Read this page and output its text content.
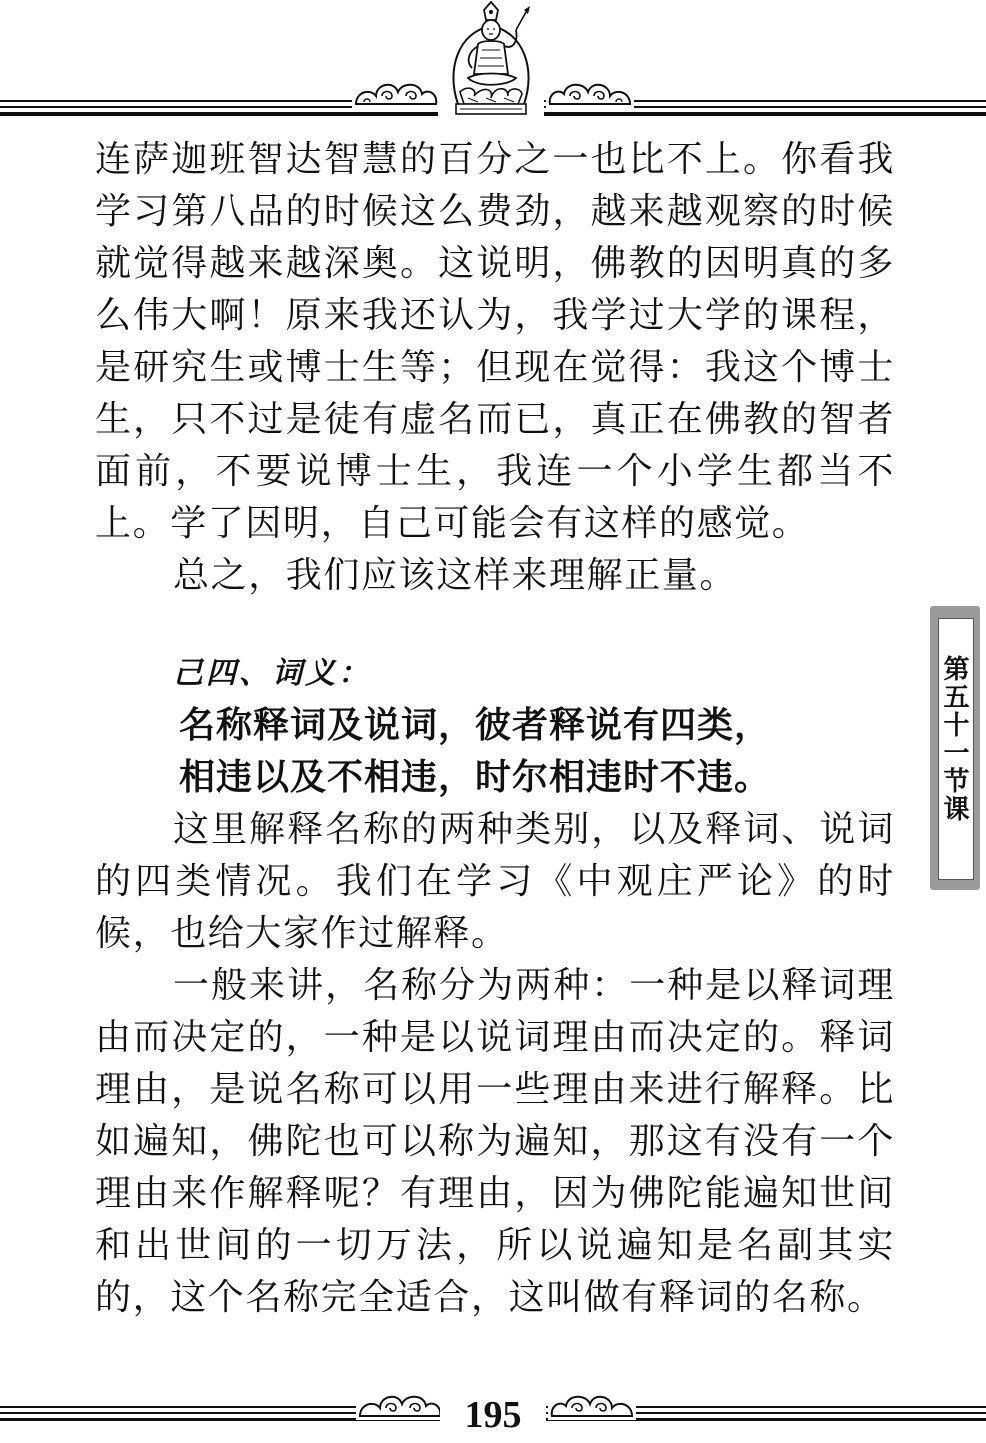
连萨迦班智达智慧的百分之一也比不上。你看我学习第八品的时候这么费劲，越来越观察的时候就觉得越来越深奥。这说明，佛教的因明真的多么伟大啊！原来我还认为，我学过大学的课程，是研究生或博士生等；但现在觉得：我这个博士生，只不过是徒有虚名而已，真正在佛教的智者面前，不要说博士生，我连一个小学生都当不上。学了因明，自己可能会有这样的感觉。

总之，我们应该这样来理解正量。

己四、词义：

名称释词及说词，彼者释说有四类，

相违以及不相违，时尔相违时不违。

这里解释名称的两种类别，以及释词、说词的四类情况。我们在学习《中观庄严论》的时候，也给大家作过解释。

一般来讲，名称分为两种：一种是以释词理由而决定的，一种是以说词理由而决定的。释词理由，是说名称可以用一些理由来进行解释。比如遍知，佛陀也可以称为遍知，那这有没有一个理由来作解释呢？有理由，因为佛陀能遍知世间和出世间的一切万法，所以说遍知是名副其实的，这个名称完全适合，这叫做有释词的名称。

第五十一节课
195
